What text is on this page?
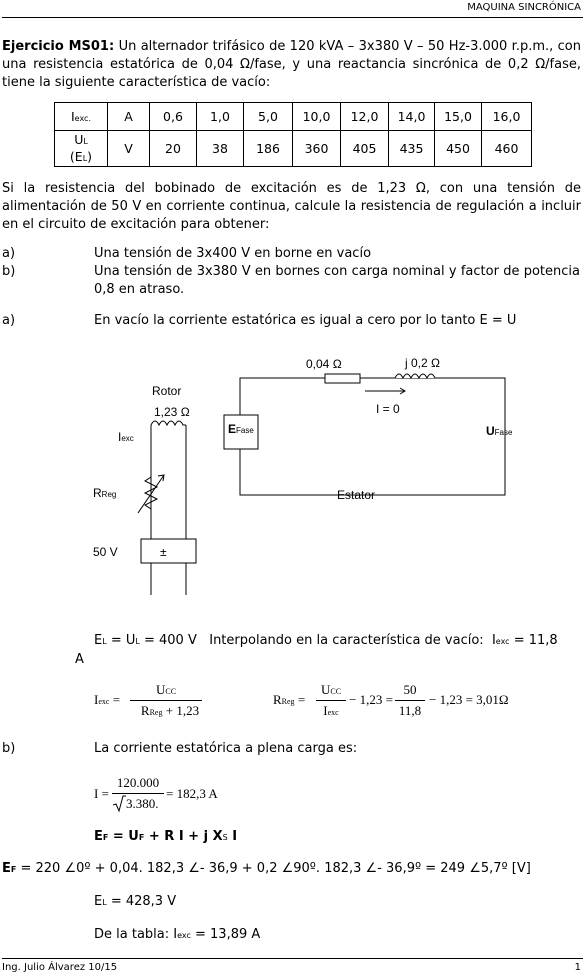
MAQUINA SINCRÓNICA
Ejercicio MS01: Un alternador trifásico de 120 kVA – 3x380 V – 50 Hz-3.000 r.p.m., con una resistencia estatórica de 0,04 Ω/fase, y una reactancia sincrónica de 0,2 Ω/fase, tiene la siguiente característica de vacío:
Iexc.	A	0,6	1,0	5,0	10,0	12,0	14,0	15,0	16,0
UL
(EL)	V	20	38	186	360	405	435	450	460
Si la resistencia del bobinado de excitación es de 1,23 Ω, con una tensión de alimentación de 50 V en corriente continua, calcule la resistencia de regulación a incluir en el circuito de excitación para obtener:
a)	Una tensión de 3x400 V en borne en vacío
b)	Una tensión de 3x380 V en bornes con carga nominal y factor de potencia 0,8 en atraso.
a)	En vacío la corriente estatórica es igual a cero por lo tanto E = U
Rotor
1,23 Ω
Iexc
EFase
0,04 Ω	j 0,2 Ω
I = 0
UFase
RReg	Estator
50 V	±
A
EL = UL = 400 V   Interpolando en la característica de vacío:  Iexc = 11,8
Iexc =
UCC
RReg + 1,23
RReg =
UCC
Iexc
− 1,23 =
50
11,8
− 1,23 = 3,01Ω
b)	La corriente estatórica a plena carga es:
I =
120.000
3.380.
= 182,3 A
EF = UF + R I + j XS I
EF = 220 ∠0º + 0,04. 182,3 ∠- 36,9 + 0,2 ∠90º. 182,3 ∠- 36,9º = 249 ∠5,7º [V]
EL = 428,3 V
De la tabla: Iexc = 13,89 A
Ing. Julio Álvarez 10/15	1
